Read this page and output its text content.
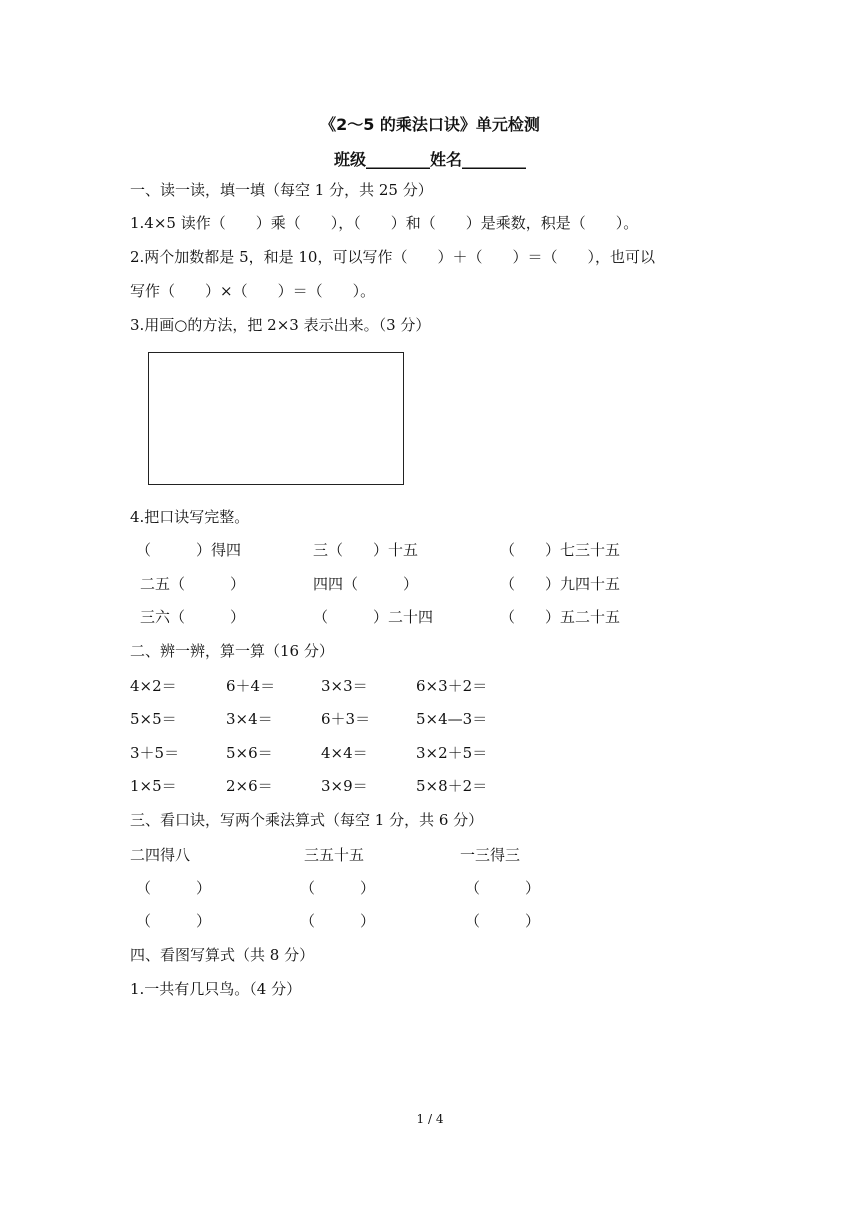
《2～5 的乘法口诀》单元检测
班级________姓名________
一、读一读，填一填（每空 1 分，共 25 分）
1.4×5 读作（　　）乘（　　），（　　）和（　　）是乘数，积是（　　）。
2.两个加数都是 5，和是 10，可以写作（　　）＋（　　）＝（　　），也可以
写作（　　）×（　　）＝（　　）。
3.用画○的方法，把 2×3 表示出来。（3 分）
4.把口诀写完整。
（　　　）得四	三（　　）十五	（　　）七三十五
二五（　　　）	四四（　　　）	（　　）九四十五
三六（　　　）	（　　　）二十四	（　　）五二十五
二、辨一辨，算一算（16 分）
4×2＝	6＋4＝	3×3＝	6×3＋2＝
5×5＝	3×4＝	6＋3＝	5×4—3＝
3＋5＝	5×6＝	4×4＝	3×2＋5＝
1×5＝	2×6＝	3×9＝	5×8＋2＝
三、看口诀，写两个乘法算式（每空 1 分，共 6 分）
二四得八	三五十五	一三得三
（　　　）	（　　　）	（　　　）
（　　　）	（　　　）	（　　　）
四、看图写算式（共 8 分）
1.一共有几只鸟。（4 分）
1 / 4
